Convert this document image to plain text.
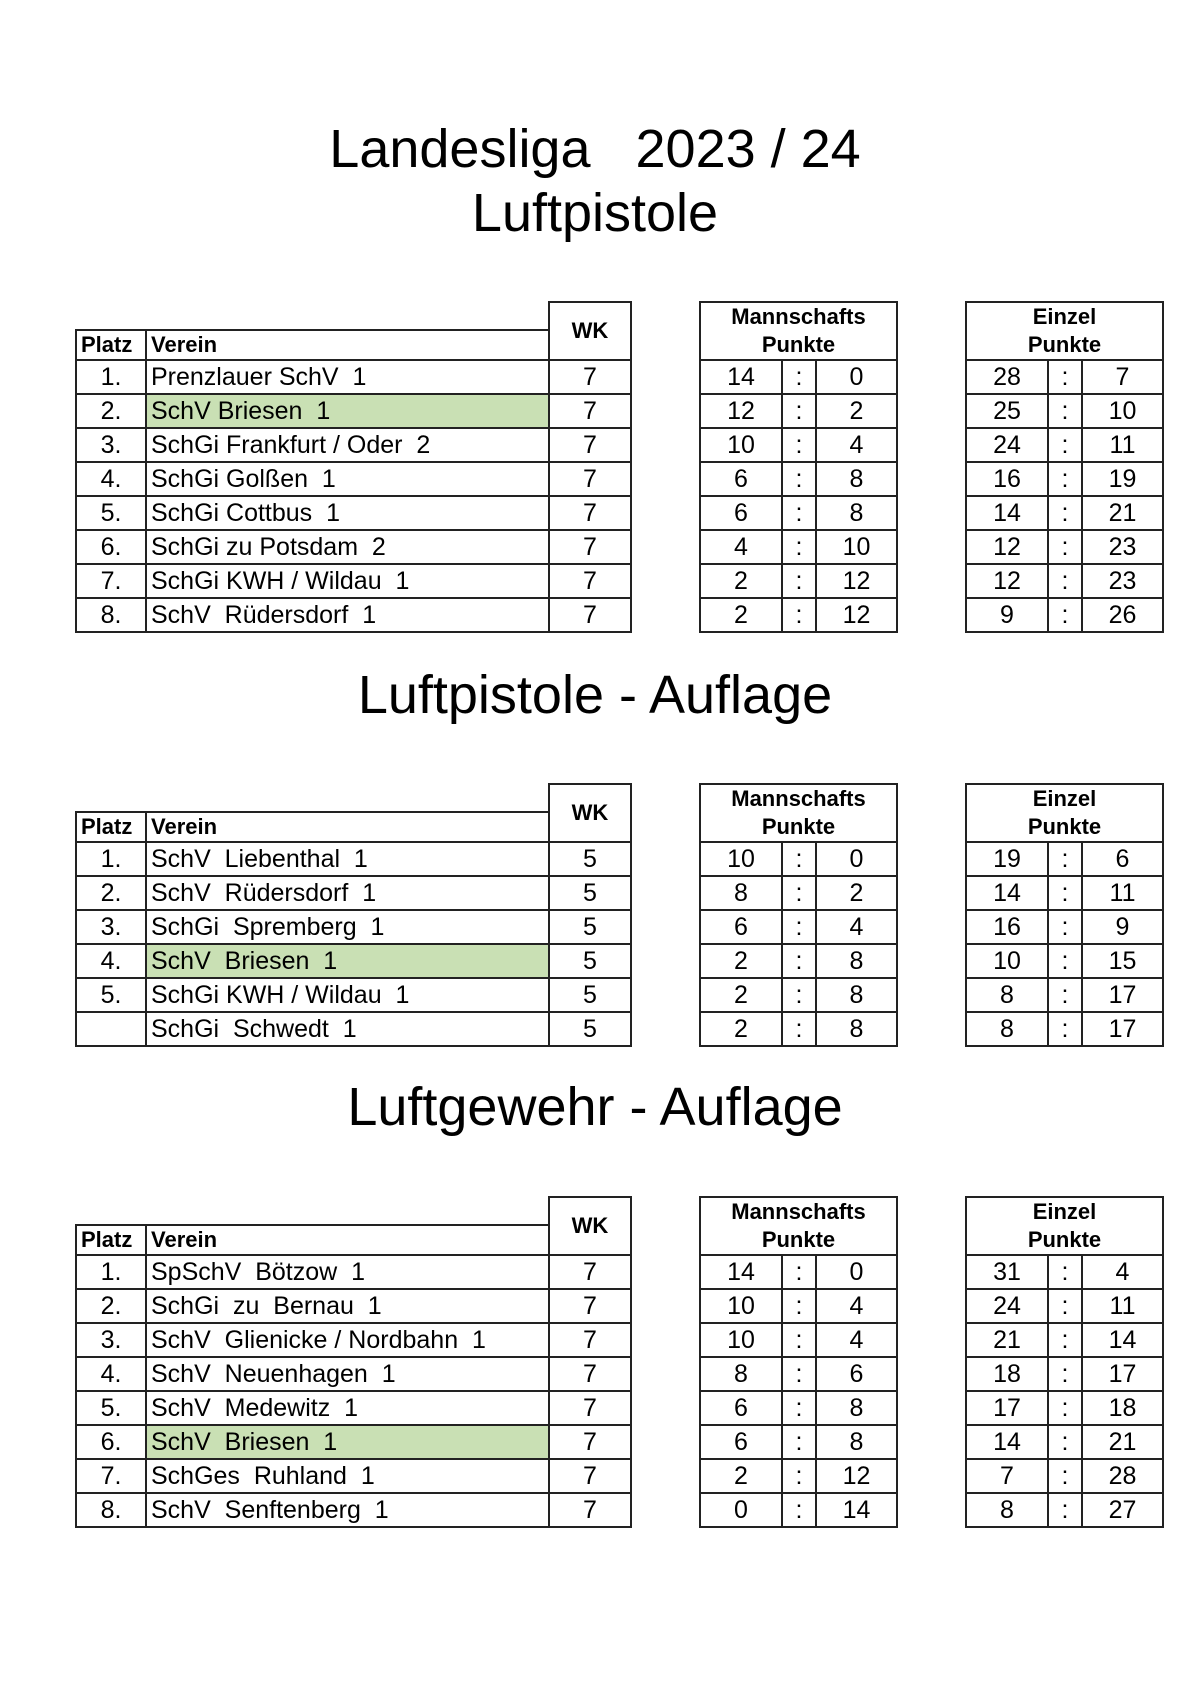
Landesliga   2023 / 24
Luftpistole
		WK		Mannschafts
Punkte				Einzel
Punkte		
Platz	Verein									
1.	Prenzlauer SchV  1	7		14	:	0		28	:	7
2.	SchV Briesen  1	7		12	:	2		25	:	10
3.	SchGi Frankfurt / Oder  2	7		10	:	4		24	:	11
4.	SchGi Golßen  1	7		6	:	8		16	:	19
5.	SchGi Cottbus  1	7		6	:	8		14	:	21
6.	SchGi zu Potsdam  2	7		4	:	10		12	:	23
7.	SchGi KWH / Wildau  1	7		2	:	12		12	:	23
8.	SchV  Rüdersdorf  1	7		2	:	12		9	:	26
Luftpistole - Auflage
		WK		Mannschafts
Punkte				Einzel
Punkte		
Platz	Verein									
1.	SchV  Liebenthal  1	5		10	:	0		19	:	6
2.	SchV  Rüdersdorf  1	5		8	:	2		14	:	11
3.	SchGi  Spremberg  1	5		6	:	4		16	:	9
4.	SchV  Briesen  1	5		2	:	8		10	:	15
5.	SchGi KWH / Wildau  1	5		2	:	8		8	:	17
	SchGi  Schwedt  1	5		2	:	8		8	:	17
Luftgewehr - Auflage
		WK		Mannschafts
Punkte				Einzel
Punkte		
Platz	Verein									
1.	SpSchV  Bötzow  1	7		14	:	0		31	:	4
2.	SchGi  zu  Bernau  1	7		10	:	4		24	:	11
3.	SchV  Glienicke / Nordbahn  1	7		10	:	4		21	:	14
4.	SchV  Neuenhagen  1	7		8	:	6		18	:	17
5.	SchV  Medewitz  1	7		6	:	8		17	:	18
6.	SchV  Briesen  1	7		6	:	8		14	:	21
7.	SchGes  Ruhland  1	7		2	:	12		7	:	28
8.	SchV  Senftenberg  1	7		0	:	14		8	:	27
